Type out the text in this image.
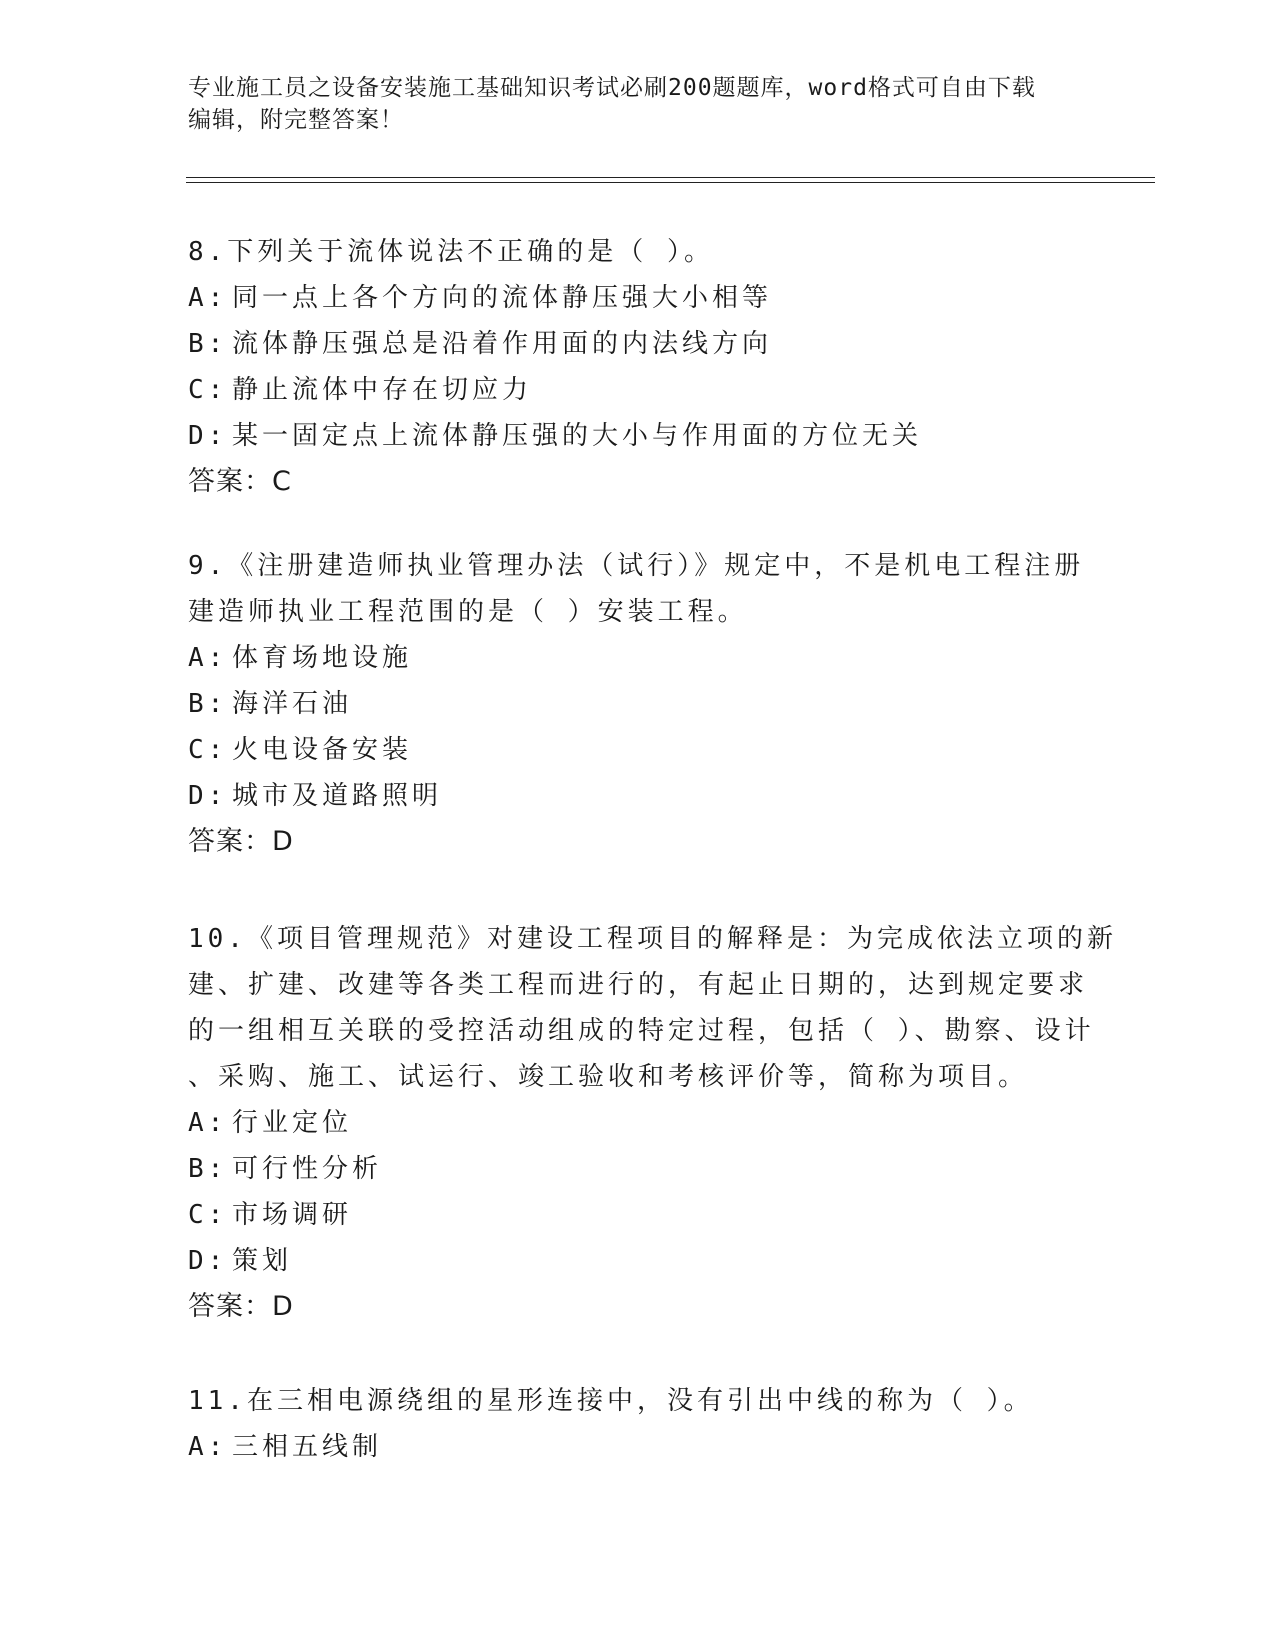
专业施工员之设备安装施工基础知识考试必刷200题题库，word格式可自由下载
编辑，附完整答案！
8.下列关于流体说法不正确的是（ ）。
A: 同一点上各个方向的流体静压强大小相等
B: 流体静压强总是沿着作用面的内法线方向
C: 静止流体中存在切应力
D: 某一固定点上流体静压强的大小与作用面的方位无关
答案：C
9.《注册建造师执业管理办法（试行）》规定中，不是机电工程注册
建造师执业工程范围的是（ ）安装工程。
A: 体育场地设施
B: 海洋石油
C: 火电设备安装
D: 城市及道路照明
答案：D
10.《项目管理规范》对建设工程项目的解释是：为完成依法立项的新
建、扩建、改建等各类工程而进行的，有起止日期的，达到规定要求
的一组相互关联的受控活动组成的特定过程，包括（ ）、勘察、设计
、采购、施工、试运行、竣工验收和考核评价等，简称为项目。
A: 行业定位
B: 可行性分析
C: 市场调研
D: 策划
答案：D
11.在三相电源绕组的星形连接中，没有引出中线的称为（ ）。
A: 三相五线制
